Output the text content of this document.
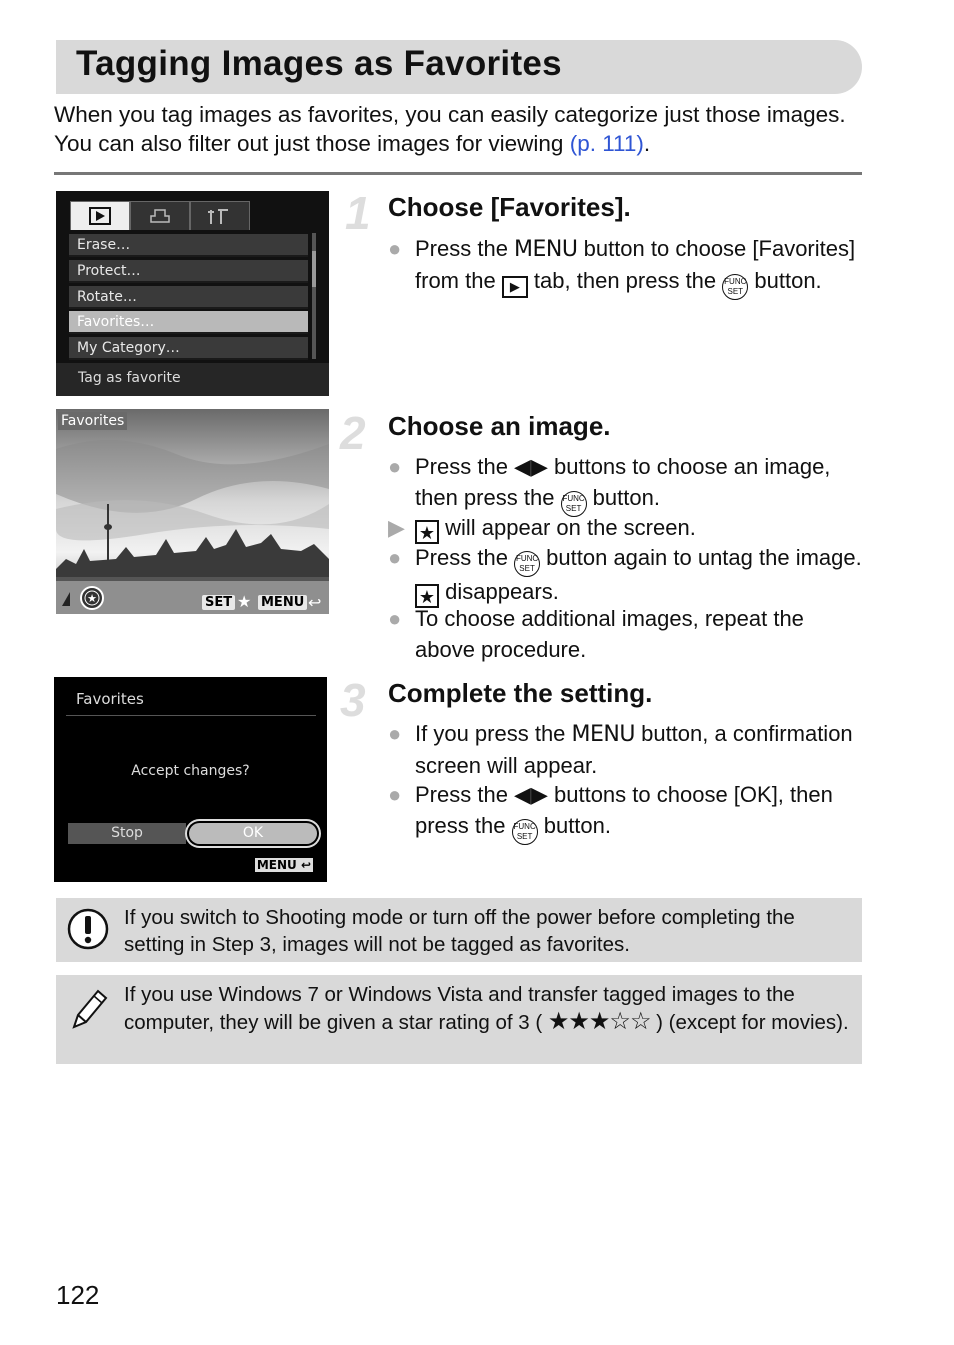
Tagging Images as Favorites
When you tag images as favorites, you can easily categorize just those images. You can also filter out just those images for viewing (p. 111).
Erase…
Protect…
Rotate…
Favorites…
My Category…
Tag as favorite
Favorites
★	SET ★ MENU ↩
Favorites
Accept changes?
Stop	OK
MENU ↩
1 Choose [Favorites].
● Press the MENU button to choose [Favorites] from the ▶ tab, then press the FUNC
SET button.
2 Choose an image.
● Press the ◀▶ buttons to choose an image, then press the FUNC
SET button.
▶ ★ will appear on the screen.
● Press the FUNC
SET button again to untag the image. ★ disappears.
● To choose additional images, repeat the above procedure.
3 Complete the setting.
● If you press the MENU button, a confirmation screen will appear.
● Press the ◀▶ buttons to choose [OK], then press the FUNC
SET button.
If you switch to Shooting mode or turn off the power before completing the setting in Step 3, images will not be tagged as favorites.
If you use Windows 7 or Windows Vista and transfer tagged images to the computer, they will be given a star rating of 3 ( ★★★☆☆ ) (except for movies).
122
